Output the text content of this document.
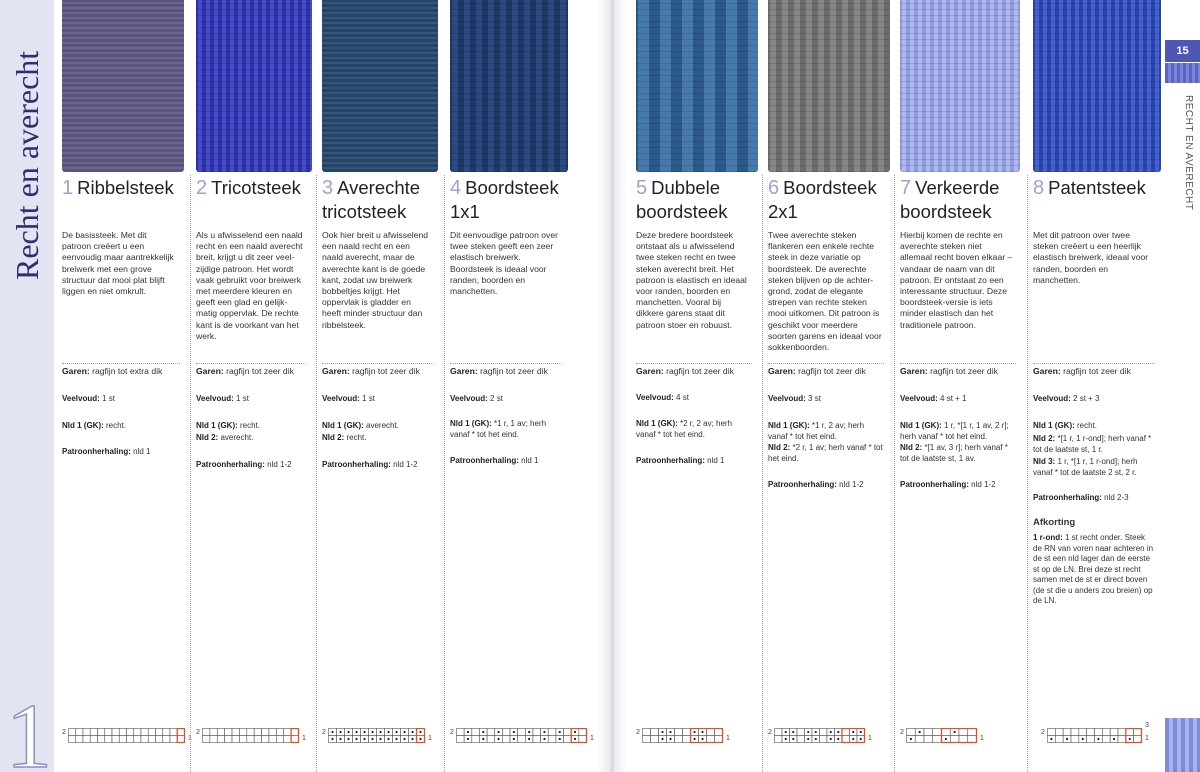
Recht en averecht
1
15
RECHT EN AVERECHT
1 Ribbelsteek
De basissteek. Met dit patroon creëert u een eenvoudig maar aantrekkelijk breiwerk met een grove structuur dat mooi plat blijft liggen en niet omkrult.
Garen: ragfijn tot extra dik
Veelvoud: 1 st
Nld 1 (GK): recht.
Patroonherhaling: nld 1
2
1
2 Tricotsteek
Als u afwisselend een naald recht en een naald averecht breit, krijgt u dit zeer veel-zijdige patroon. Het wordt vaak gebruikt voor breiwerk met meerdere kleuren en geeft een glad en gelijk-matig oppervlak. De rechte kant is de voorkant van het werk.
Garen: ragfijn tot zeer dik
Veelvoud: 1 st
Nld 1 (GK): recht.
Nld 2: averecht.
Patroonherhaling: nld 1-2
2
1
3 Averechte tricotsteek
Ook hier breit u afwisselend een naald recht en een naald averecht, maar de averechte kant is de goede kant, zodat uw breiwerk bobbeltjes krijgt. Het oppervlak is gladder en heeft minder structuur dan ribbelsteek.
Garen: ragfijn tot zeer dik
Veelvoud: 1 st
Nld 1 (GK): averecht.
Nld 2: recht.
Patroonherhaling: nld 1-2
2
1
4 Boordsteek 1x1
Dit eenvoudige patroon over twee steken geeft een zeer elastisch breiwerk. Boordsteek is ideaal voor randen, boorden en manchetten.
Garen: ragfijn tot zeer dik
Veelvoud: 2 st
Nld 1 (GK): *1 r, 1 av; herh vanaf * tot het eind.
Patroonherhaling: nld 1
2
1
5 Dubbele boordsteek
Deze bredere boordsteek ontstaat als u afwisselend twee steken recht en twee steken averecht breit. Het patroon is elastisch en ideaal voor randen, boorden en manchetten. Vooral bij dikkere garens staat dit patroon stoer en robuust.
Garen: ragfijn tot zeer dik
Veelvoud: 4 st
Nld 1 (GK): *2 r, 2 av; herh vanaf * tot het eind.
Patroonherhaling: nld 1
2
1
6 Boordsteek 2x1
Twee averechte steken flankeren een enkele rechte steek in deze variatie op boordsteek. De averechte steken blijven op de achter-grond, zodat de elegante strepen van rechte steken mooi uitkomen. Dit patroon is geschikt voor meerdere soorten garens en ideaal voor sokkenboorden.
Garen: ragfijn tot zeer dik
Veelvoud: 3 st
Nld 1 (GK): *1 r, 2 av; herh vanaf * tot het eind.
Nld 2: *2 r, 1 av; herh vanaf * tot het eind.
Patroonherhaling: nld 1-2
2
1
7 Verkeerde boordsteek
Hierbij komen de rechte en averechte steken niet allemaal recht boven elkaar – vandaar de naam van dit patroon. Er ontstaat zo een interessante structuur. Deze boordsteek-versie is iets minder elastisch dan het traditionele patroon.
Garen: ragfijn tot zeer dik
Veelvoud: 4 st + 1
Nld 1 (GK): 1 r, *[1 r, 1 av, 2 r]; herh vanaf * tot het eind.
Nld 2: *[1 av, 3 r]; herh vanaf * tot de laatste st, 1 av.
Patroonherhaling: nld 1-2
2
1
8 Patentsteek
Met dit patroon over twee steken creëert u een heerlijk elastisch breiwerk, ideaal voor randen, boorden en manchetten.
Garen: ragfijn tot zeer dik
Veelvoud: 2 st + 3
Nld 1 (GK): recht.
Nld 2: *[1 r, 1 r-ond]; herh vanaf * tot de laatste st, 1 r.
Nld 3: 1 r, *[1 r, 1 r-ond]; herh vanaf * tot de laatste 2 st, 2 r.
Patroonherhaling: nld 2-3
Afkorting
1 r-ond: 1 st recht onder. Steek de RN van voren naar achteren in de st een nld lager dan de eerste st op de LN. Brei deze st recht samen met de st er direct boven (de st die u anders zou breien) op de LN.
2
1
3
